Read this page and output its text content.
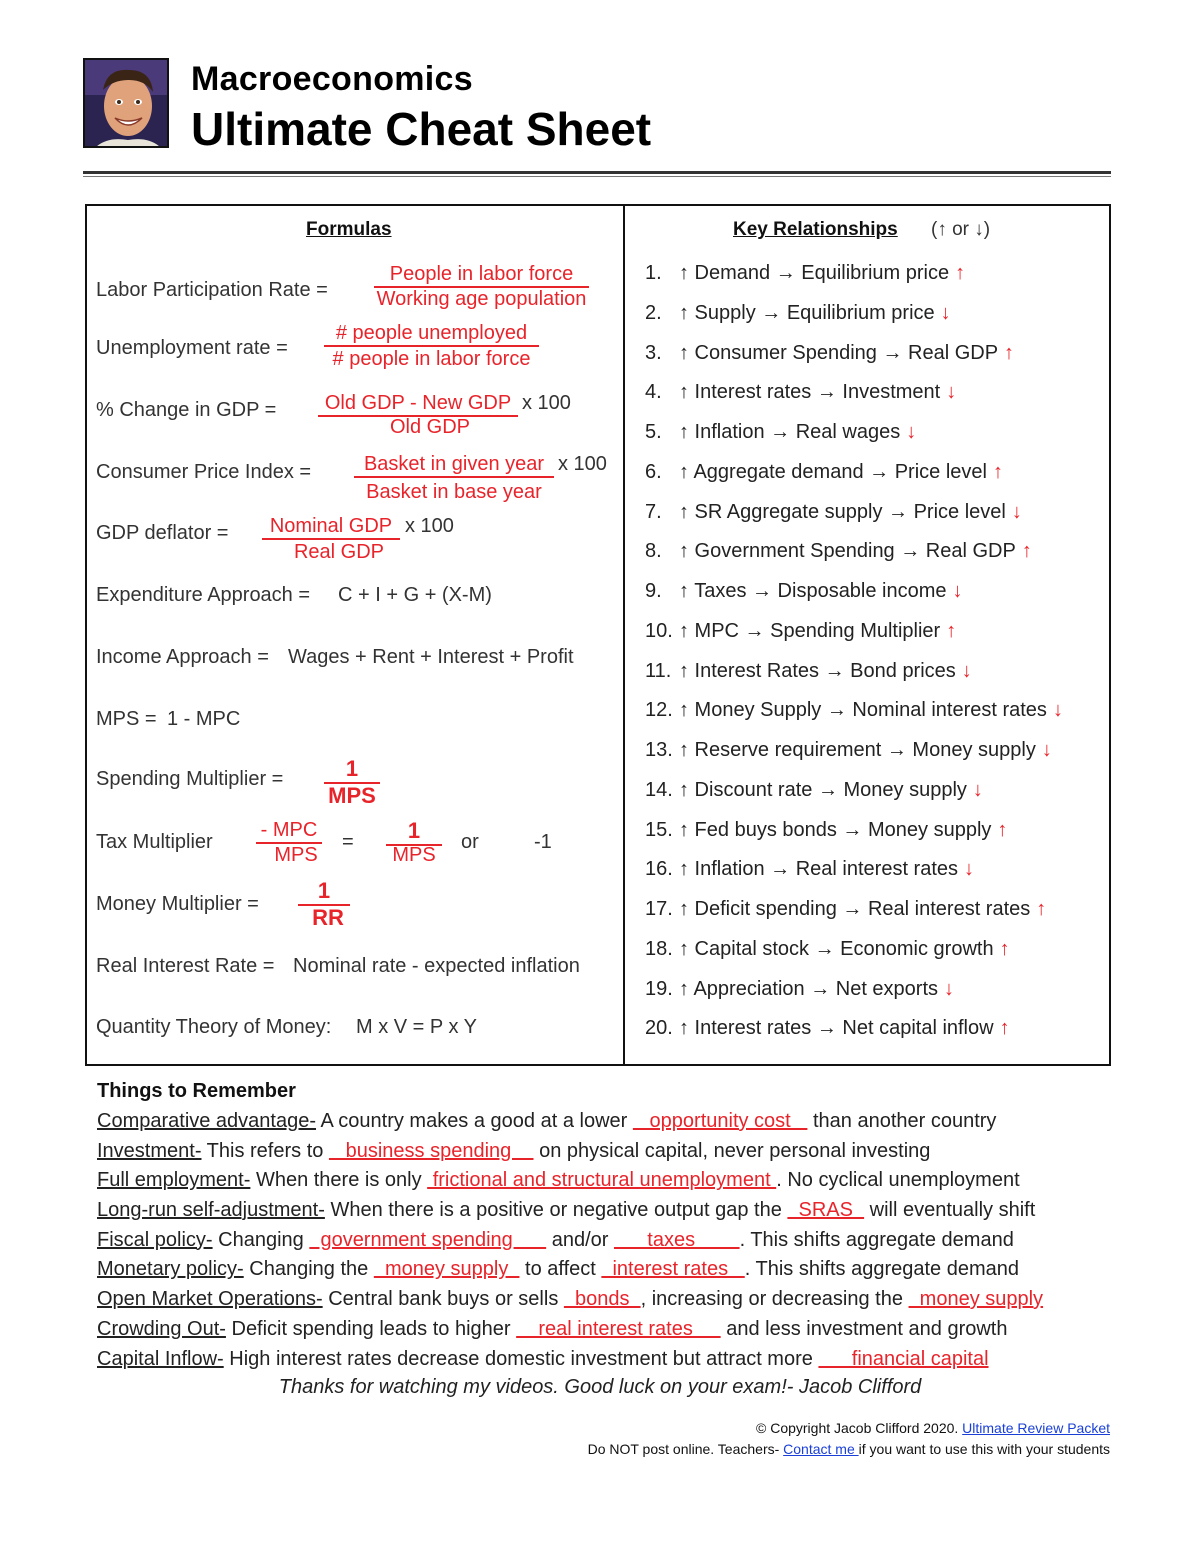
Macroeconomics
Ultimate Cheat Sheet
Formulas
Labor Participation Rate =
People in labor force
Working age population
Unemployment rate =
# people unemployed
# people in labor force
% Change in GDP =	Old GDP - New GDP x 100
Old GDP
Consumer Price Index =	Basket in given year x 100
Basket in base year
GDP deflator =	Nominal GDP x 100
Real GDP
Expenditure Approach = C + I + G + (X-M)
Income Approach = Wages + Rent + Interest + Profit
MPS = 1 - MPC
Spending Multiplier =	1
MPS
Tax Multiplier
- MPC
MPS
=	1
MPS
or	-1
Money Multiplier =
1
RR
Real Interest Rate = Nominal rate - expected inflation
Quantity Theory of Money: M x V = P x Y
Key Relationships (↑ or ↓)
1. ↑ Demand → Equilibrium price ↑
2. ↑ Supply → Equilibrium price ↓
3. ↑ Consumer Spending → Real GDP ↑
4. ↑ Interest rates → Investment ↓
5. ↑ Inflation → Real wages ↓
6. ↑ Aggregate demand → Price level ↑
7. ↑ SR Aggregate supply → Price level ↓
8. ↑ Government Spending → Real GDP ↑
9. ↑ Taxes → Disposable income ↓
10. ↑ MPC → Spending Multiplier ↑
11. ↑ Interest Rates → Bond prices ↓
12. ↑ Money Supply → Nominal interest rates ↓
13. ↑ Reserve requirement → Money supply ↓
14. ↑ Discount rate → Money supply ↓
15. ↑ Fed buys bonds → Money supply ↑
16. ↑ Inflation → Real interest rates ↓
17. ↑ Deficit spending → Real interest rates ↑
18. ↑ Capital stock → Economic growth ↑
19. ↑ Appreciation → Net exports ↓
20. ↑ Interest rates → Net capital inflow ↑
Things to Remember
Comparative advantage- A country makes a good at a lower    opportunity cost    than another country
Investment- This refers to    business spending     on physical capital, never personal investing
Full employment- When there is only  frictional and structural unemployment . No cyclical unemployment
Long-run self-adjustment- When there is a positive or negative output gap the   SRAS   will eventually shift
Fiscal policy- Changing   government spending       and/or       taxes        . This shifts aggregate demand
Monetary policy- Changing the   money supply   to affect   interest rates   . This shifts aggregate demand
Open Market Operations- Central bank buys or sells   bonds  , increasing or decreasing the   money supply
Crowding Out- Deficit spending leads to higher     real interest rates      and less investment and growth
Capital Inflow- High interest rates decrease domestic investment but attract more       financial capital
Thanks for watching my videos. Good luck on your exam!- Jacob Clifford
© Copyright Jacob Clifford 2020. Ultimate Review Packet
Do NOT post online. Teachers- Contact me if you want to use this with your students
